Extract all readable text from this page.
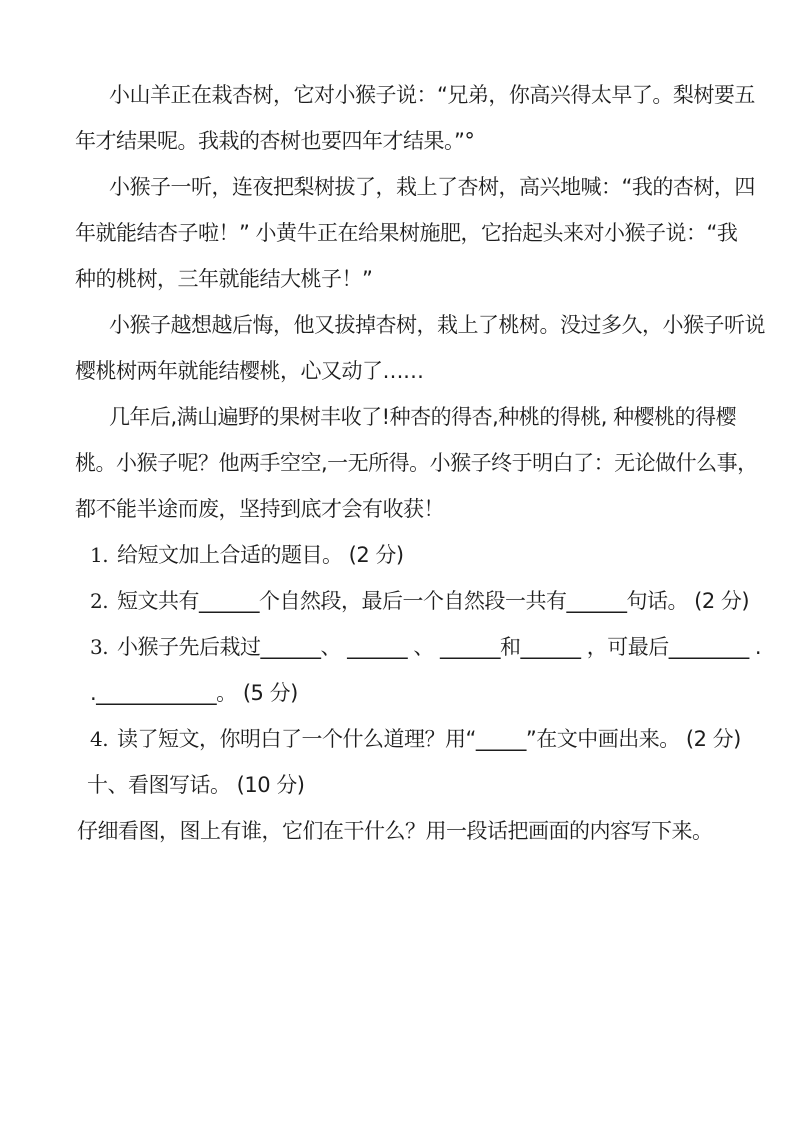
小山羊正在栽杏树，它对小猴子说：“兄弟，你高兴得太早了。梨树要五
年才结果呢。我栽的杏树也要四年才结果。”°
小猴子一听，连夜把梨树拔了，栽上了杏树，高兴地喊：“我的杏树，四
年就能结杏子啦！” 小黄牛正在给果树施肥，它抬起头来对小猴子说：“我
种的桃树，三年就能结大桃子！”
小猴子越想越后悔，他又拔掉杏树，栽上了桃树。没过多久，小猴子听说
樱桃树两年就能结樱桃，心又动了……
几年后,满山遍野的果树丰收了!种杏的得杏,种桃的得桃, 种樱桃的得樱
桃。小猴子呢？他两手空空,一无所得。小猴子终于明白了：无论做什么事，
都不能半途而废，坚持到底才会有收获！
1. 给短文加上合适的题目。 (2 分)
2. 短文共有______个自然段，最后一个自然段一共有______句话。 (2 分)
3. 小猴子先后栽过______、 ______ 、 ______和______ ，可最后________ .
.____________。 (5 分)
4. 读了短文，你明白了一个什么道理？用“_____”在文中画出来。 (2 分)
十、看图写话。 (10 分)
仔细看图，图上有谁，它们在干什么？用一段话把画面的内容写下来。
